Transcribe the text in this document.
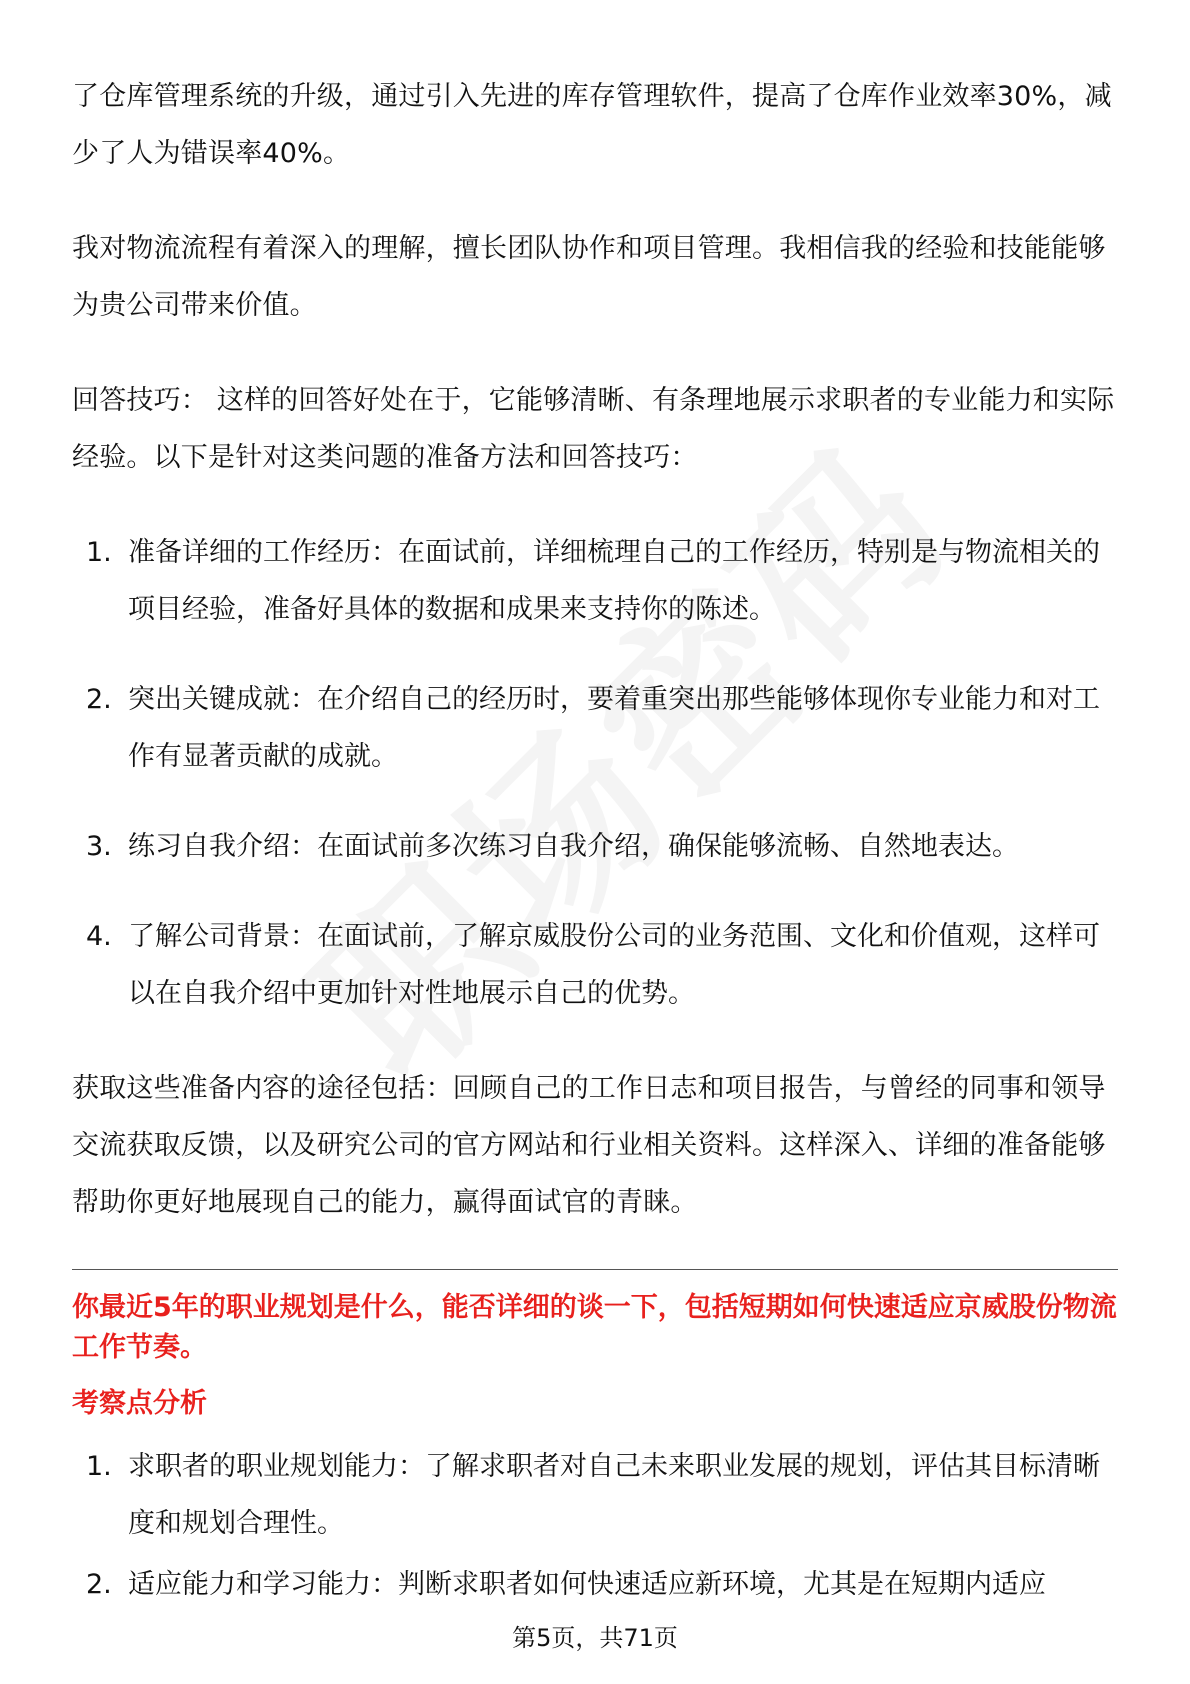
了仓库管理系统的升级，通过引入先进的库存管理软件，提高了仓库作业效率30%，减少了人为错误率40%。

我对物流流程有着深入的理解，擅长团队协作和项目管理。我相信我的经验和技能能够为贵公司带来价值。

回答技巧： 这样的回答好处在于，它能够清晰、有条理地展示求职者的专业能力和实际经验。以下是针对这类问题的准备方法和回答技巧：

1. 准备详细的工作经历：在面试前，详细梳理自己的工作经历，特别是与物流相关的项目经验，准备好具体的数据和成果来支持你的陈述。
2. 突出关键成就：在介绍自己的经历时，要着重突出那些能够体现你专业能力和对工作有显著贡献的成就。
3. 练习自我介绍：在面试前多次练习自我介绍，确保能够流畅、自然地表达。
4. 了解公司背景：在面试前，了解京威股份公司的业务范围、文化和价值观，这样可以在自我介绍中更加针对性地展示自己的优势。

获取这些准备内容的途径包括：回顾自己的工作日志和项目报告，与曾经的同事和领导交流获取反馈，以及研究公司的官方网站和行业相关资料。这样深入、详细的准备能够帮助你更好地展现自己的能力，赢得面试官的青睐。

你最近5年的职业规划是什么，能否详细的谈一下，包括短期如何快速适应京威股份物流工作节奏。
考察点分析
1. 求职者的职业规划能力：了解求职者对自己未来职业发展的规划，评估其目标清晰度和规划合理性。
2. 适应能力和学习能力：判断求职者如何快速适应新环境，尤其是在短期内适应
第5页，共71页
